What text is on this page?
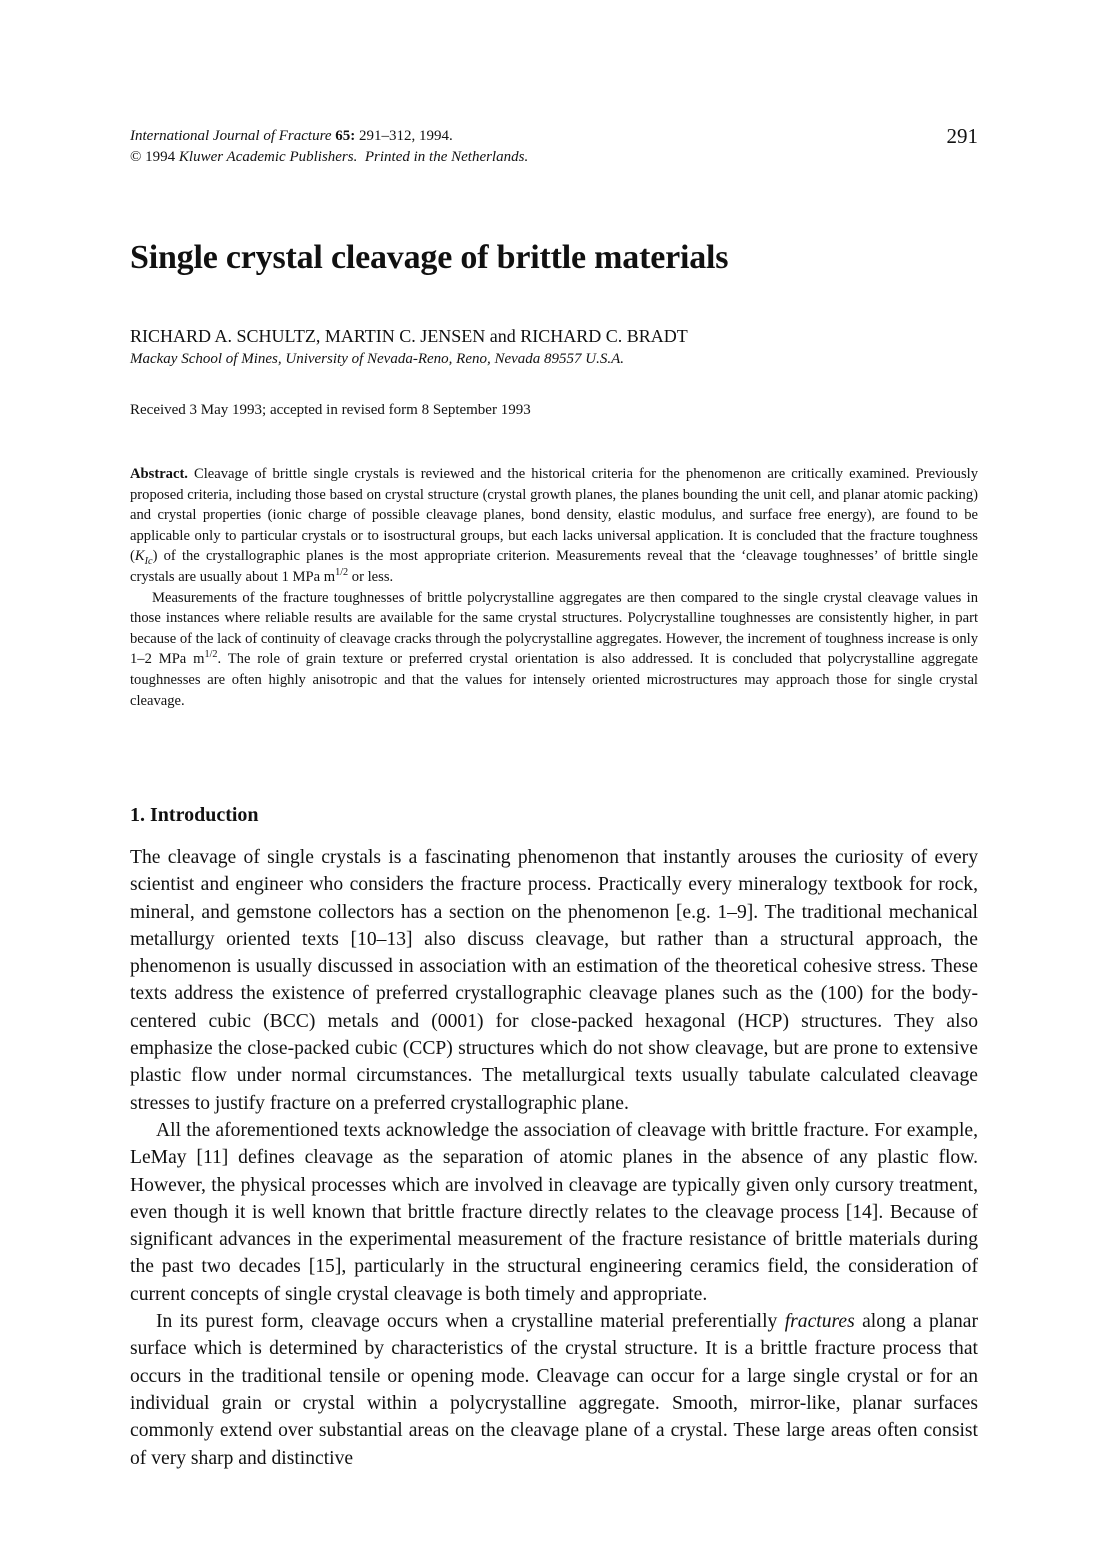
International Journal of Fracture 65: 291–312, 1994.
© 1994 Kluwer Academic Publishers. Printed in the Netherlands.
291
Single crystal cleavage of brittle materials
RICHARD A. SCHULTZ, MARTIN C. JENSEN and RICHARD C. BRADT
Mackay School of Mines, University of Nevada-Reno, Reno, Nevada 89557 U.S.A.
Received 3 May 1993; accepted in revised form 8 September 1993

Abstract. Cleavage of brittle single crystals is reviewed and the historical criteria for the phenomenon are critically examined. Previously proposed criteria, including those based on crystal structure (crystal growth planes, the planes bounding the unit cell, and planar atomic packing) and crystal properties (ionic charge of possible cleavage planes, bond density, elastic modulus, and surface free energy), are found to be applicable only to particular crystals or to isostructural groups, but each lacks universal application. It is concluded that the fracture toughness $(K_{Ic})$ of the crystallographic planes is the most appropriate criterion. Measurements reveal that the ‘cleavage toughnesses’ of brittle single crystals are usually about 1 MPa $m^{1/2}$ or less.

Measurements of the fracture toughnesses of brittle polycrystalline aggregates are then compared to the single crystal cleavage values in those instances where reliable results are available for the same crystal structures. Polycrystalline toughnesses are consistently higher, in part because of the lack of continuity of cleavage cracks through the polycrystalline aggregates. However, the increment of toughness increase is only 1–2 MPa $m^{1/2}$. The role of grain texture or preferred crystal orientation is also addressed. It is concluded that polycrystalline aggregate toughnesses are often highly anisotropic and that the values for intensely oriented microstructures may approach those for single crystal cleavage.

1. Introduction

The cleavage of single crystals is a fascinating phenomenon that instantly arouses the curiosity of every scientist and engineer who considers the fracture process. Practically every mineralogy textbook for rock, mineral, and gemstone collectors has a section on the phenomenon [e.g. 1–9]. The traditional mechanical metallurgy oriented texts [10–13] also discuss cleavage, but rather than a structural approach, the phenomenon is usually discussed in association with an estimation of the theoretical cohesive stress. These texts address the existence of preferred crystallographic cleavage planes such as the (100) for the body-centered cubic (BCC) metals and (0001) for close-packed hexagonal (HCP) structures. They also emphasize the close-packed cubic (CCP) structures which do not show cleavage, but are prone to extensive plastic flow under normal circumstances. The metallurgical texts usually tabulate calculated cleavage stresses to justify fracture on a preferred crystallographic plane.

All the aforementioned texts acknowledge the association of cleavage with brittle fracture. For example, LeMay [11] defines cleavage as the separation of atomic planes in the absence of any plastic flow. However, the physical processes which are involved in cleavage are typically given only cursory treatment, even though it is well known that brittle fracture directly relates to the cleavage process [14]. Because of significant advances in the experimental measurement of the fracture resistance of brittle materials during the past two decades [15], particularly in the structural engineering ceramics field, the consideration of current concepts of single crystal cleavage is both timely and appropriate.

In its purest form, cleavage occurs when a crystalline material preferentially fractures along a planar surface which is determined by characteristics of the crystal structure. It is a brittle fracture process that occurs in the traditional tensile or opening mode. Cleavage can occur for a large single crystal or for an individual grain or crystal within a polycrystalline aggregate. Smooth, mirror-like, planar surfaces commonly extend over substantial areas on the cleavage plane of a crystal. These large areas often consist of very sharp and distinctive
